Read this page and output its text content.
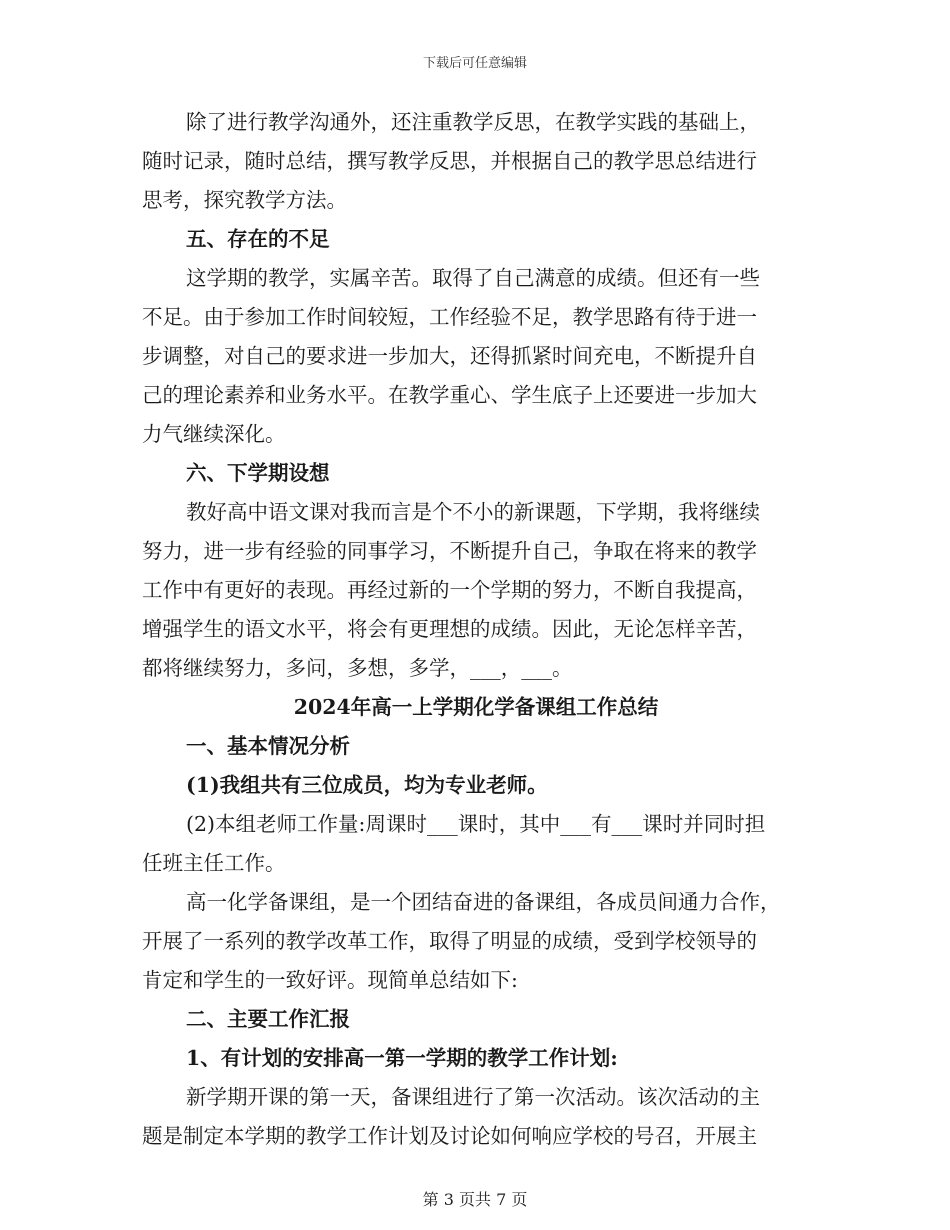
下载后可任意编辑
除了进行教学沟通外，还注重教学反思，在教学实践的基础上，
随时记录，随时总结，撰写教学反思，并根据自己的教学思总结进行
思考，探究教学方法。
五、存在的不足
这学期的教学，实属辛苦。取得了自己满意的成绩。但还有一些
不足。由于参加工作时间较短，工作经验不足，教学思路有待于进一
步调整，对自己的要求进一步加大，还得抓紧时间充电，不断提升自
己的理论素养和业务水平。在教学重心、学生底子上还要进一步加大
力气继续深化。
六、下学期设想
教好高中语文课对我而言是个不小的新课题，下学期，我将继续
努力，进一步有经验的同事学习，不断提升自己，争取在将来的教学
工作中有更好的表现。再经过新的一个学期的努力，不断自我提高，
增强学生的语文水平，将会有更理想的成绩。因此，无论怎样辛苦，
都将继续努力，多问，多想，多学，___，___。
2024年高一上学期化学备课组工作总结
一、基本情况分析
(1)我组共有三位成员，均为专业老师。
(2)本组老师工作量:周课时___课时，其中___有___课时并同时担
任班主任工作。
高一化学备课组，是一个团结奋进的备课组，各成员间通力合作，
开展了一系列的教学改革工作，取得了明显的成绩，受到学校领导的
肯定和学生的一致好评。现简单总结如下:
二、主要工作汇报
1、有计划的安排高一第一学期的教学工作计划:
新学期开课的第一天，备课组进行了第一次活动。该次活动的主
题是制定本学期的教学工作计划及讨论如何响应学校的号召，开展主
第 3 页共 7 页
